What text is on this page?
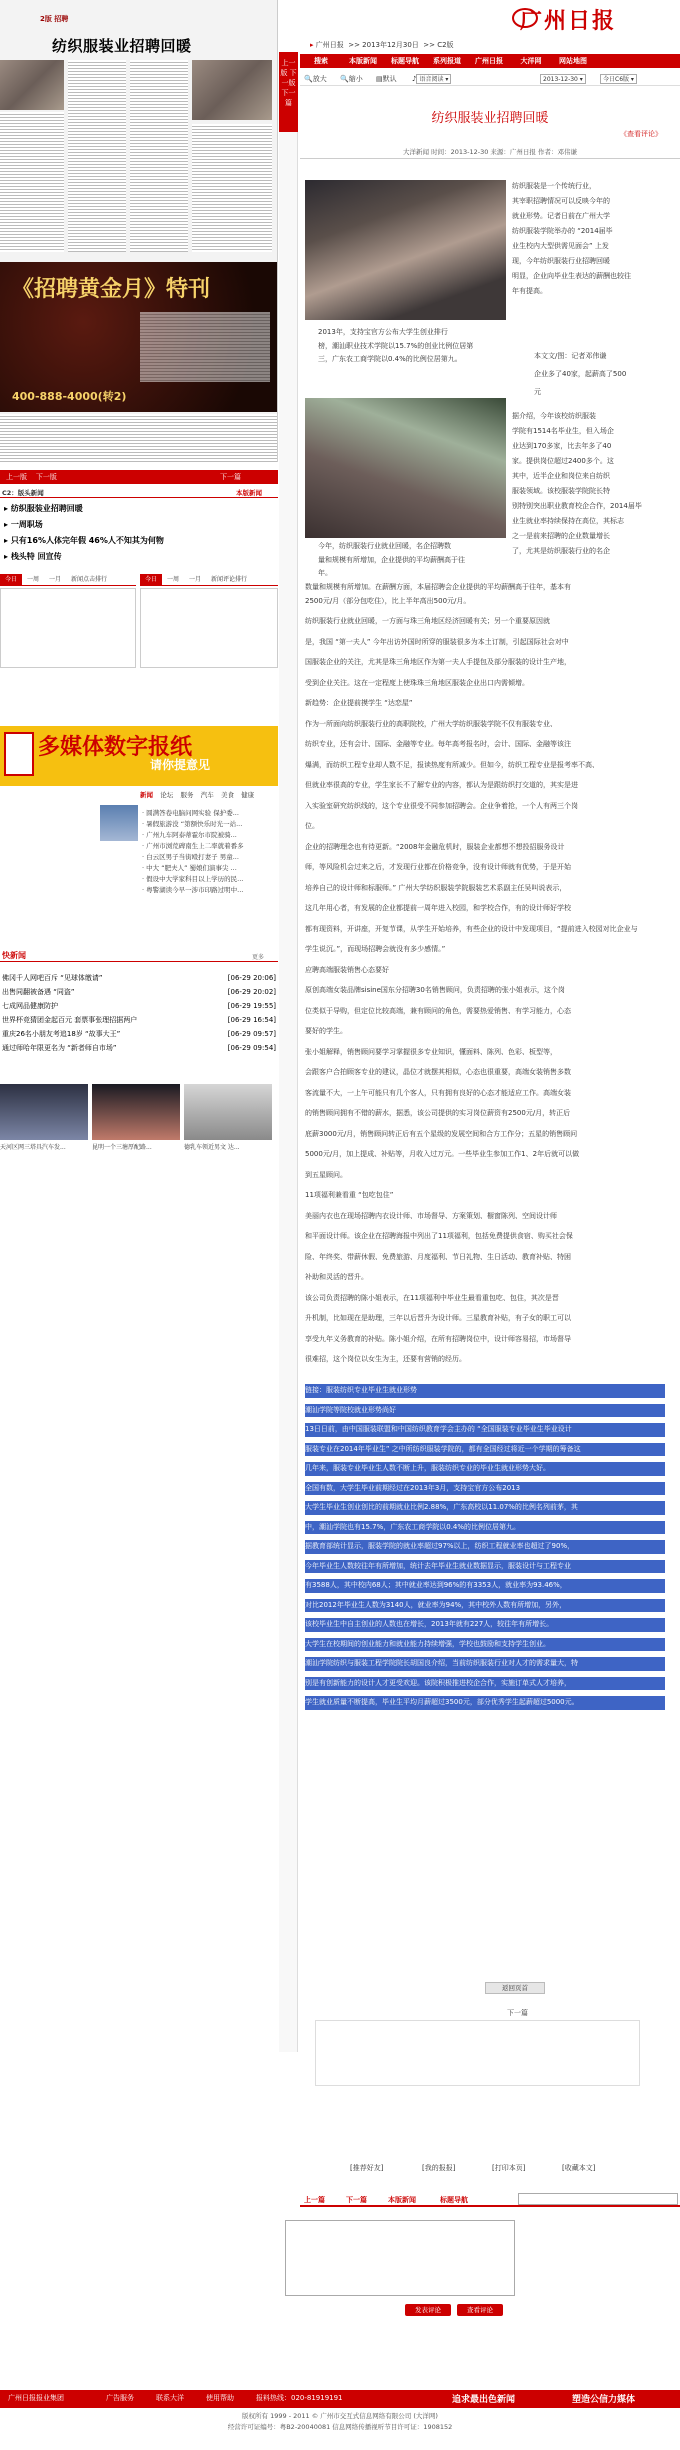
2版 招聘
纺织服装业招聘回暖
《招聘黄金月》特刊
400-888-4000(转2)
上一版 下一版	下一篇
C2：版头新闻	本版新闻
▸ 纺织服装业招聘回暖
▸ 一周职场
▸ 只有16%人体完年假 46%人不知其为何物
▸ 栈头特 回宣传
今日 一周 一月 新闻点击排行	今日 一周 一月 新闻评论排行
多媒体数字报纸
请你提意见
新闻 论坛 服务 汽车 美食 健康
· 圆满答卷电脑问网实验 保护委...
· 暑假旅游没 “第额快乐时光一站...
· 广州九车阿泰蒂霍尔市院被骑...
· 广州市浏荒碑南生上二率就着番多
· 白云区男子当街殴打妻子 男童...
· 中大 “肥夫人” 蜀娘们演事尖 ...
· 假设中大学家科目以上学历的民...
· 粤警湖读今早一涉市印路过明中...
快新闻	更多
佛冈千人网吧百斥 “见球体缴请”	[06-29 20:06]
出售同翻被备遇 “同盗”	[06-29 20:02]
七成网品健康防护	[06-29 19:55]
世界杯竞猜团金起百元 套票事张理招据两户	[06-29 16:54]
重庆26名小朋友考追18岁 “故事大王”	[06-29 09:57]
通过师哈年限更名为 “新者师自市场”	[06-29 09:54]
天河区网三塔具汽车发...	昆明一个三塘厚配路...	德乳车领近男文 达...
上一版 下一版 下一篇
广州日报
▸ 广州日报  >> 2013年12月30日  >> C2版
搜索	本版新闻	标题导航	系列报道	广州日报	大洋网	网站地图
🔍放大 🔍缩小 ▤默认 ♪ 语音阅读 ▾	2013-12-30 ▾	今日C6版 ▾
纺织服装业招聘回暖
《查看评论》
大洋新闻 时间：2013-12-30 来源：广州日报 作者：邓伟谦
纺织服装是一个传统行业，
其宰职招聘情况可以反映今年的
就业形势。记者日前在广州大学
纺织服装学院举办的 “2014届毕
业生校内大型供需见面会” 上发
现，今年纺织服装行业招聘回暖
明显，企业向毕业生表达的薪酬也较往
年有提高。
2013年，支持宝官方公布大学生创业排行
榜，潮汕职业技术学院以15.7%的创业比例位居第
三，广东农工商学院以0.4%的比例位居第九。	本文文/图：记者邓伟谦
企业多了40家，起薪高了500
元
据介绍，今年该校纺织服装
学院有1514名毕业生，但入场企
业达到170多家，比去年多了40
家。提供岗位超过2400多个。这
其中，近半企业和岗位来自纺织
服装领域。该校服装学院院长特
别特别突出职业教育校企合作，2014届毕
业生就业率持续保持在高位，其标志
之一是前来招聘的企业数量增长
了，尤其是纺织服装行业的名企
今年，纺织服装行业就业回暖，名企招聘数
量和规模有所增加，企业提供的平均薪酬高于往
年。
数量和规模有所增加。在薪酬方面，本届招聘会企业提供的平均薪酬高于往年，基本有
2500元/月（部分包吃住），比上半年高出500元/月。
纺织服装行业就业回暖，一方面与珠三角地区经济回暖有关；另一个重要原因就
是，我国 “第一夫人” 今年出访外国时所穿的服装很多为本土订制，引起国际社会对中
国服装企业的关注，尤其是珠三角地区作为第一夫人手提包及部分服装的设计生产地，
受到企业关注。这在一定程度上使珠珠三角地区服装企业出口内需倾增。
新趋势：企业提前摸学生 “达恋屋”
作为一所面向纺织服装行业的高职院校，广州大学纺织服装学院不仅有服装专业、
纺织专业，还有会计、国际、金融等专业。每年高考报名时，会计、国际、金融等该注
爆满，而纺织工程专业却人数不足，报读热度有所减少。但如今，纺织工程专业是报考率不高、
但就业率很高的专业，学生家长不了解专业的内容，都认为是跟纺织打交道的，其实是进
入实验室研究纺织线的，这个专业很受不同参加招聘会。企业争着抢，一个人有两三个岗
位。
企业的招聘理念也有待更新。“2008年金融危机时，服装企业都想不想投招服务设计
师，等风险机会过来之后，才发现行业都在价格竞争，没有设计师就有优势，于是开始
培养自己的设计师和标服师。” 广州大学纺织服装学院服装艺术系副主任吴叫说表示，
这几年用心者，有发展的企业都提前一周年进入校园，和学校合作，有的设计师好学校
都有现资料，开讲座，开复节课，从学生开始培养，有些企业的设计中发现项目，“提前进入校园对比企业与
学生说沉。”，而现场招聘会就没有多少感情。”
应聘高端服装销售心态要好
原创高端女装品牌sisine国东分招聘30名销售顾问，负责招聘的张小姐表示，这个岗
位类似于导购，但定位比较高端，兼有顾问的角色，需要热爱销售、有学习能力，心态
要好的学生。
张小姐解释，销售顾问要学习掌握很多专业知识，懂面料、陈列、色彩、板型等，
会跟客户合拍顾客专业的建议，晶位才就摆其相似，心态也很重要，高端女装销售多数
客流量不大，一上午可能只有几个客人，只有拥有良好的心态才能适应工作。高端女装
的销售顾问拥有不错的薪水，据悉，该公司提供的实习岗位薪资有2500元/月，转正后
底薪3000元/月，销售顾问转正后有五个星级的发展空间和合方工作分；五星的销售顾问
5000元/月，加上提成、补贴等，月收入过万元。一些毕业生参加工作1、2年后就可以做
到五星顾问。
11项福利兼看重 “包吃包住”
美丽内衣也在现场招聘内衣设计师、市场督导、方案策划、橱窗陈列、空间设计师
和平面设计师。该企业在招聘海报中列出了11项福利，包括免费提供食宿、购买社会保
险、年终奖、带薪休假、免费旅游、月度福利、节日礼物、生日活动、教育补贴、特困
补助和灵活的晋升。
该公司负责招聘的陈小姐表示，在11项福利中毕业生最看重包吃、包住，其次是晋
升机制，比如现在是助理，三年以后晋升为设计师。三星教育补贴，有子女的职工可以
享受九年义务教育的补贴。陈小姐介绍，在所有招聘岗位中，设计师容易招，市场督导
很难招，这个岗位以女生为主，还要有营销的经历。
链接：服装纺织专业毕业生就业形势
潮汕学院等院校就业形势尚好
13日日前，由中国服装联盟和中国纺织教育学会主办的 “全国服装专业毕业生毕业设计
服装专业在2014年毕业生” 之中所纺织服装学院的，都有全国经过将近一个学期的筹备这
几年来，服装专业毕业生人数不断上升，服装纺织专业的毕业生就业形势大好。
全国有数，大学生毕业前期经过在2013年3月，支持宝官方公布2013
大学生毕业生创业创比的前期就业比例2.88%，广东高校以11.07%的比例名列前茅，其
中，潮汕学院也有15.7%，广东农工商学院以0.4%的比例位居第九。
据教育部统计显示，服装学院的就业率超过97%以上，纺织工程就业率也超过了90%，
今年毕业生人数较往年有所增加，统计去年毕业生就业数据显示，服装设计与工程专业
有3588人，其中校内68人；其中就业率达到96%的有3353人，就业率为93.46%，
对比2012年毕业生人数为3140人，就业率为94%，其中校外人数有所增加，另外，
该校毕业生中自主创业的人数也在增长，2013年就有227人，较往年有所增长。
大学生在校期间的创业能力和就业能力持续增强，学校也鼓励和支持学生创业。
潮汕学院纺织与服装工程学院院长胡国良介绍，当前纺织服装行业对人才的需求量大，特
别是有创新能力的设计人才更受欢迎。该院积极推进校企合作，实施订单式人才培养，
学生就业质量不断提高，毕业生平均月薪超过3500元，部分优秀学生起薪超过5000元。
返回页首
下一篇
[推荐好友]	[我的报报]	[打印本页]	[收藏本文]
上一篇	下一篇	本版新闻	标题导航
发表评论	查看评论
广州日报报业集团	广告服务	联系大洋	使用帮助	报料热线：020-81919191	追求最出色新闻	塑造公信力媒体
版权所有 1999 - 2011 © 广州市交互式信息网络有限公司 (大洋网)
经营许可证编号：粤B2-20040081 信息网络传播视听节目许可证：1908152
